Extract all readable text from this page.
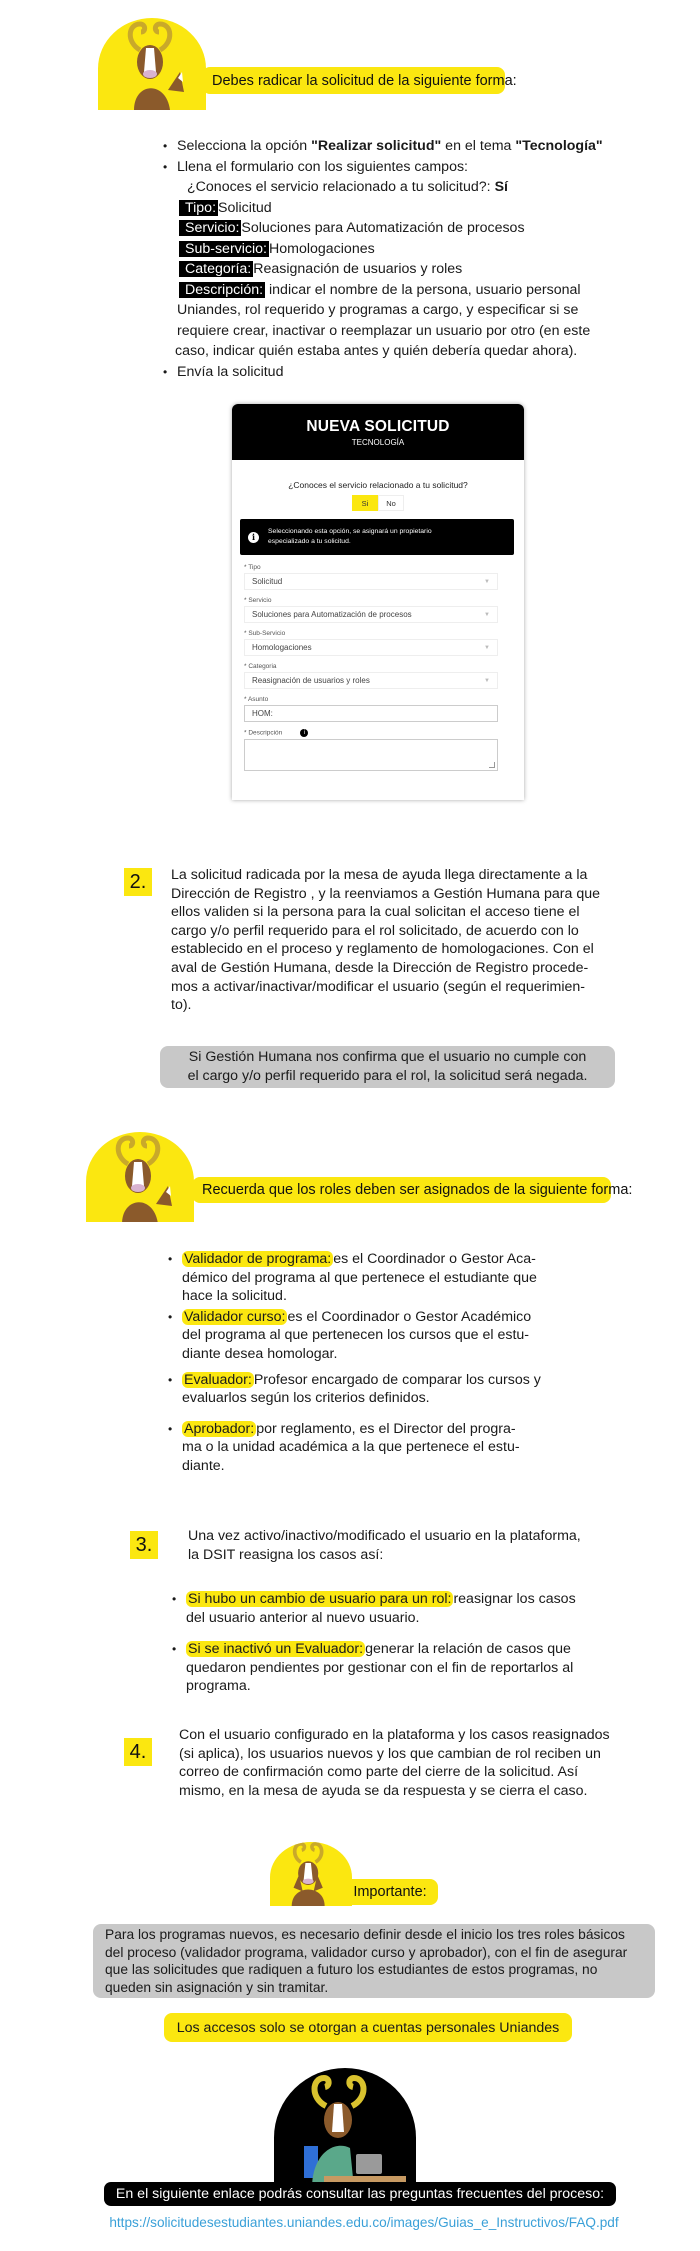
Debes radicar la solicitud de la siguiente forma:
• Selecciona la opción "Realizar solicitud" en el tema "Tecnología"
• Llena el formulario con los siguientes campos:
¿Conoces el servicio relacionado a tu solicitud?: Sí
Tipo: Solicitud
Servicio: Soluciones para Automatización de procesos
Sub-servicio: Homologaciones
Categoría: Reasignación de usuarios y roles
Descripción: indicar el nombre de la persona, usuario personal
Uniandes, rol requerido y programas a cargo, y especificar si se
requiere crear, inactivar o reemplazar un usuario por otro (en este
caso, indicar quién estaba antes y quién debería quedar ahora).
• Envía la solicitud
NUEVA SOLICITUD
TECNOLOGÍA
¿Conoces el servicio relacionado a tu solicitud?
Si	No
i
Seleccionando esta opción, se asignará un propietario
especializado a tu solicitud.
* Tipo
Solicitud	▼
* Servicio
Soluciones para Automatización de procesos	▼
* Sub-Servicio
Homologaciones	▼
* Categoria
Reasignación de usuarios y roles	▼
* Asunto
HOM:
* Descripción	i
2.	La solicitud radicada por la mesa de ayuda llega directamente a la
Dirección de Registro , y la reenviamos a Gestión Humana para que
ellos validen si la persona para la cual solicitan el acceso tiene el
cargo y/o perfil requerido para el rol solicitado, de acuerdo con lo
establecido en el proceso y reglamento de homologaciones. Con el
aval de Gestión Humana, desde la Dirección de Registro procede-
mos a activar/inactivar/modificar el usuario (según el requerimien-
to).
Si Gestión Humana nos confirma que el usuario no cumple con
el cargo y/o perfil requerido para el rol, la solicitud será negada.
Recuerda que los roles deben ser asignados de la siguiente forma:
• Validador de programa: es el Coordinador o Gestor Aca-
démico del programa al que pertenece el estudiante que
hace la solicitud.
• Validador curso: es el Coordinador o Gestor Académico
del programa al que pertenecen los cursos que el estu-
diante desea homologar.
• Evaluador: Profesor encargado de comparar los cursos y
evaluarlos según los criterios definidos.
• Aprobador: por reglamento, es el Director del progra-
ma o la unidad académica a la que pertenece el estu-
diante.
3.	Una vez activo/inactivo/modificado el usuario en la plataforma,
la DSIT reasigna los casos así:
• Si hubo un cambio de usuario para un rol: reasignar los casos
del usuario anterior al nuevo usuario.
• Si se inactivó un Evaluador: generar la relación de casos que
quedaron pendientes por gestionar con el fin de reportarlos al
programa.
4.
Con el usuario configurado en la plataforma y los casos reasignados
(si aplica), los usuarios nuevos y los que cambian de rol reciben un
correo de confirmación como parte del cierre de la solicitud. Así
mismo, en la mesa de ayuda se da respuesta y se cierra el caso.
Importante:
Para los programas nuevos, es necesario definir desde el inicio los tres roles básicos
del proceso (validador programa, validador curso y aprobador), con el fin de asegurar
que las solicitudes que radiquen a futuro los estudiantes de estos programas, no
queden sin asignación y sin tramitar.
Los accesos solo se otorgan a cuentas personales Uniandes
En el siguiente enlace podrás consultar las preguntas frecuentes del proceso:
https://solicitudesestudiantes.uniandes.edu.co/images/Guias_e_Instructivos/FAQ.pdf
